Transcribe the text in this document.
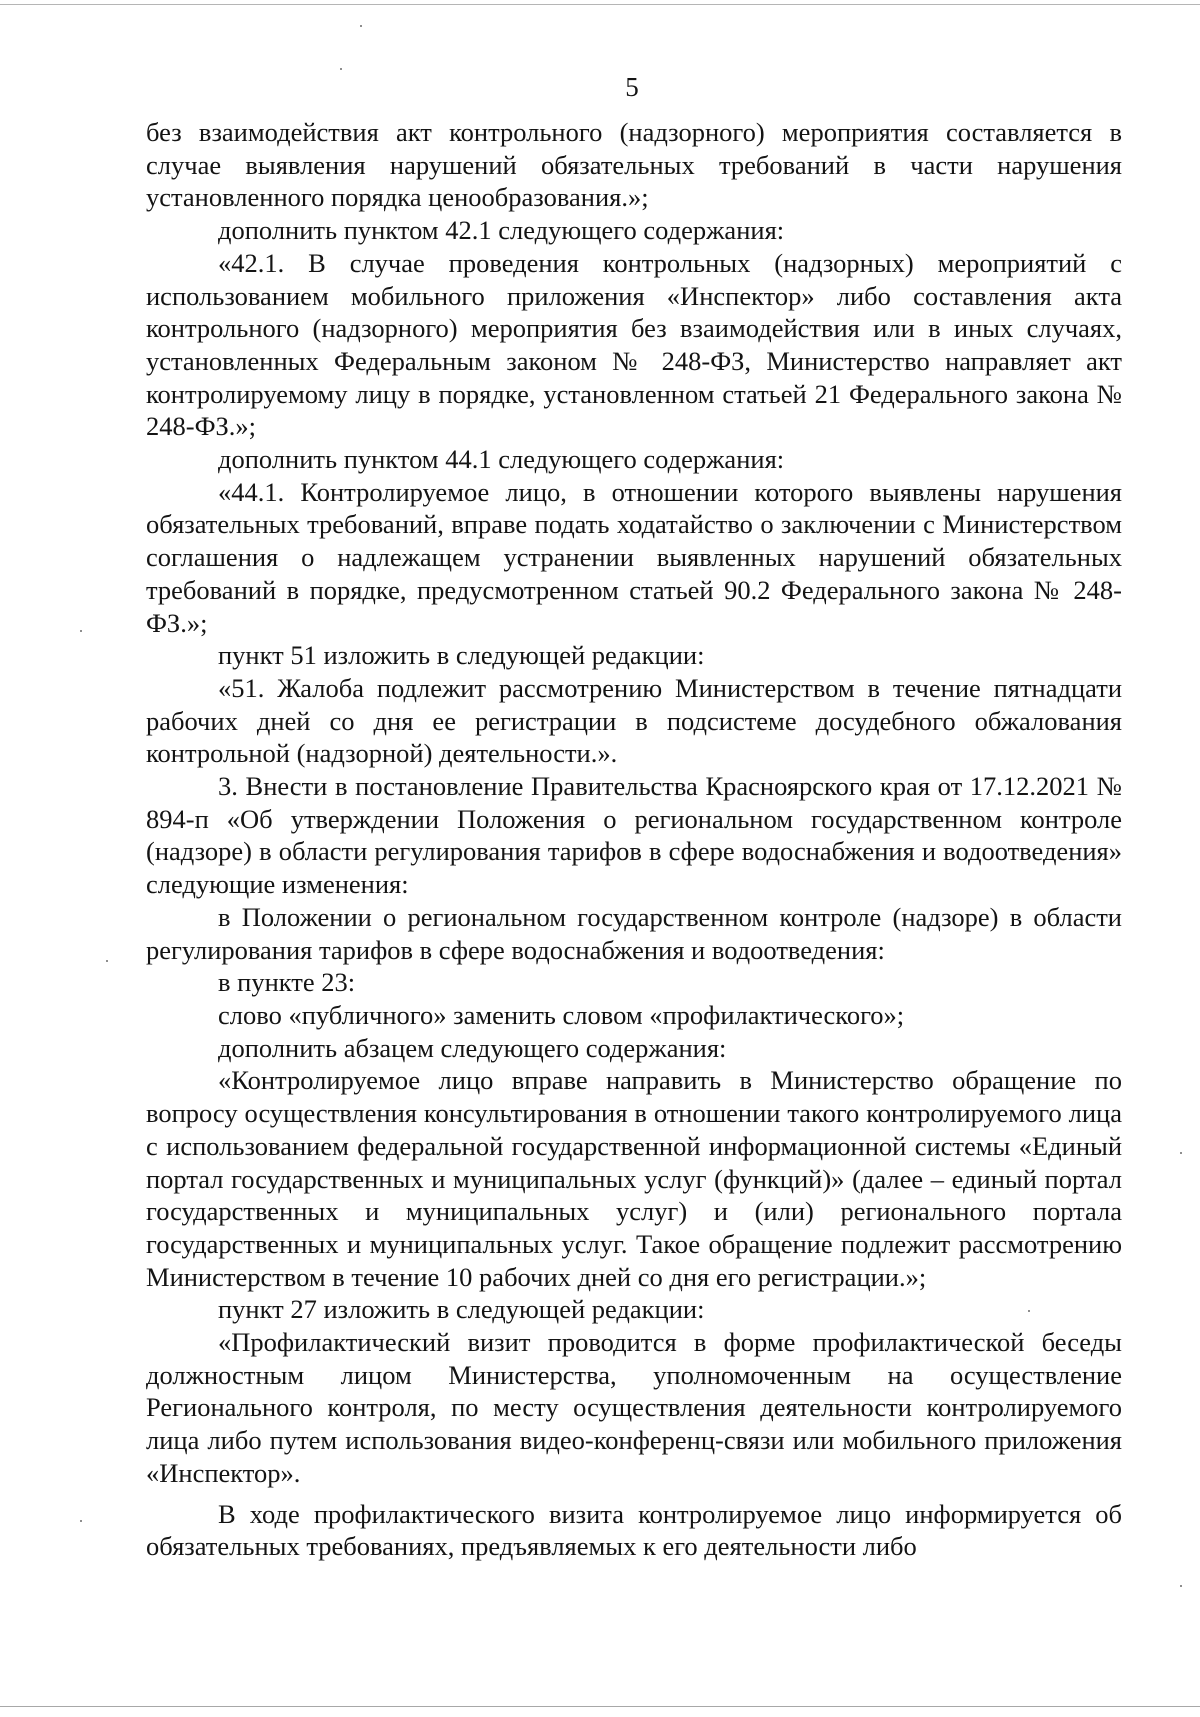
5

без взаимодействия акт контрольного (надзорного) мероприятия составляется в случае выявления нарушений обязательных требований в части нарушения установленного порядка ценообразования.»;

дополнить пунктом 42.1 следующего содержания:

«42.1. В случае проведения контрольных (надзорных) мероприятий с использованием мобильного приложения «Инспектор» либо составления акта контрольного (надзорного) мероприятия без взаимодействия или в иных случаях, установленных Федеральным законом № 248-ФЗ, Министерство направляет акт контролируемому лицу в порядке, установленном статьей 21 Федерального закона № 248-ФЗ.»;

дополнить пунктом 44.1 следующего содержания:

«44.1. Контролируемое лицо, в отношении которого выявлены нарушения обязательных требований, вправе подать ходатайство о заключении с Министерством соглашения о надлежащем устранении выявленных нарушений обязательных требований в порядке, предусмотренном статьей 90.2 Федерального закона № 248-ФЗ.»;

пункт 51 изложить в следующей редакции:

«51. Жалоба подлежит рассмотрению Министерством в течение пятнадцати рабочих дней со дня ее регистрации в подсистеме досудебного обжалования контрольной (надзорной) деятельности.».

3. Внести в постановление Правительства Красноярского края от 17.12.2021 № 894-п «Об утверждении Положения о региональном государственном контроле (надзоре) в области регулирования тарифов в сфере водоснабжения и водоотведения» следующие изменения:

в Положении о региональном государственном контроле (надзоре) в области регулирования тарифов в сфере водоснабжения и водоотведения:

в пункте 23:

слово «публичного» заменить словом «профилактического»;

дополнить абзацем следующего содержания:

«Контролируемое лицо вправе направить в Министерство обращение по вопросу осуществления консультирования в отношении такого контролируемого лица с использованием федеральной государственной информационной системы «Единый портал государственных и муниципальных услуг (функций)» (далее – единый портал государственных и муниципальных услуг) и (или) регионального портала государственных и муниципальных услуг. Такое обращение подлежит рассмотрению Министерством в течение 10 рабочих дней со дня его регистрации.»;

пункт 27 изложить в следующей редакции:

«Профилактический визит проводится в форме профилактической беседы должностным лицом Министерства, уполномоченным на осуществление Регионального контроля, по месту осуществления деятельности контролируемого лица либо путем использования видео-конференц-связи или мобильного приложения «Инспектор».

В ходе профилактического визита контролируемое лицо информируется об обязательных требованиях, предъявляемых к его деятельности либо
